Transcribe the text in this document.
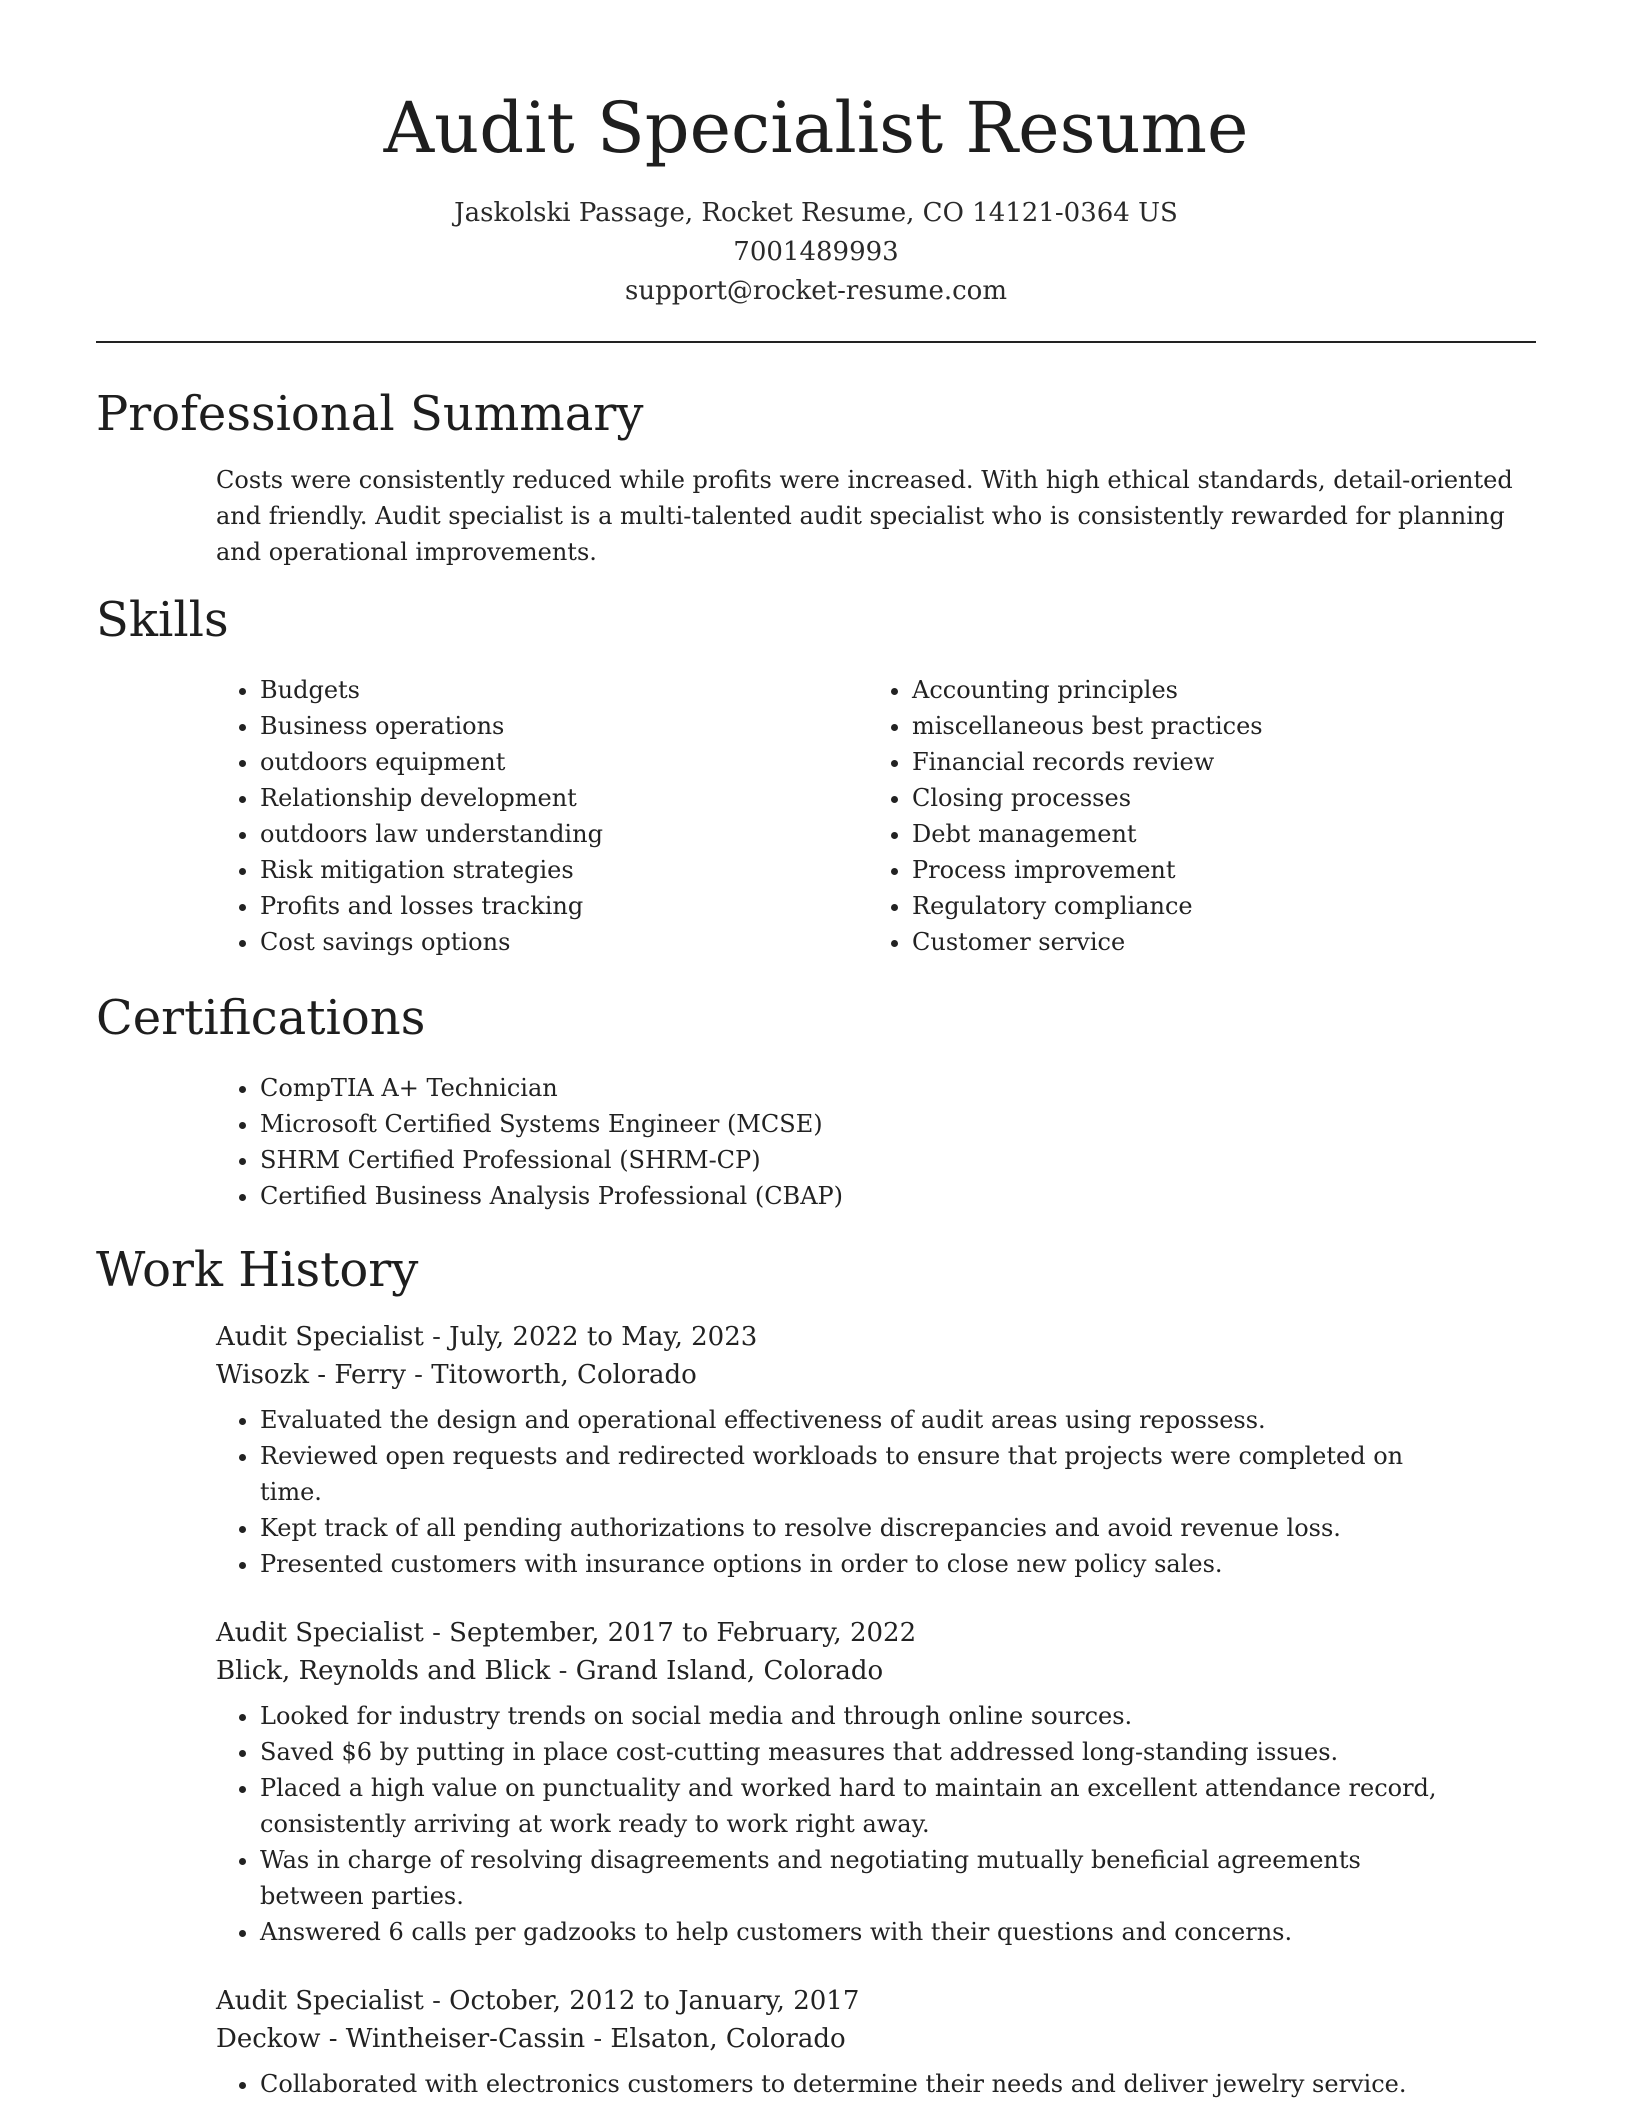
Audit Specialist Resume
Jaskolski Passage, Rocket Resume, CO 14121-0364 US
7001489993
support@rocket-resume.com
Professional Summary

Costs were consistently reduced while profits were increased. With high ethical standards, detail-oriented and friendly. Audit specialist is a multi-talented audit specialist who is consistently rewarded for planning and operational improvements.

Skills
• Budgets
• Business operations
• outdoors equipment
• Relationship development
• outdoors law understanding
• Risk mitigation strategies
• Profits and losses tracking
• Cost savings options
• Accounting principles
• miscellaneous best practices
• Financial records review
• Closing processes
• Debt management
• Process improvement
• Regulatory compliance
• Customer service
Certifications
• CompTIA A+ Technician
• Microsoft Certified Systems Engineer (MCSE)
• SHRM Certified Professional (SHRM-CP)
• Certified Business Analysis Professional (CBAP)
Work History
Audit Specialist - July, 2022 to May, 2023
Wisozk - Ferry - Titoworth, Colorado
• Evaluated the design and operational effectiveness of audit areas using repossess.
• Reviewed open requests and redirected workloads to ensure that projects were completed on time.
• Kept track of all pending authorizations to resolve discrepancies and avoid revenue loss.
• Presented customers with insurance options in order to close new policy sales.
Audit Specialist - September, 2017 to February, 2022
Blick, Reynolds and Blick - Grand Island, Colorado
• Looked for industry trends on social media and through online sources.
• Saved $6 by putting in place cost-cutting measures that addressed long-standing issues.
• Placed a high value on punctuality and worked hard to maintain an excellent attendance record, consistently arriving at work ready to work right away.
• Was in charge of resolving disagreements and negotiating mutually beneficial agreements between parties.
• Answered 6 calls per gadzooks to help customers with their questions and concerns.
Audit Specialist - October, 2012 to January, 2017
Deckow - Wintheiser-Cassin - Elsaton, Colorado
• Collaborated with electronics customers to determine their needs and deliver jewelry service.
